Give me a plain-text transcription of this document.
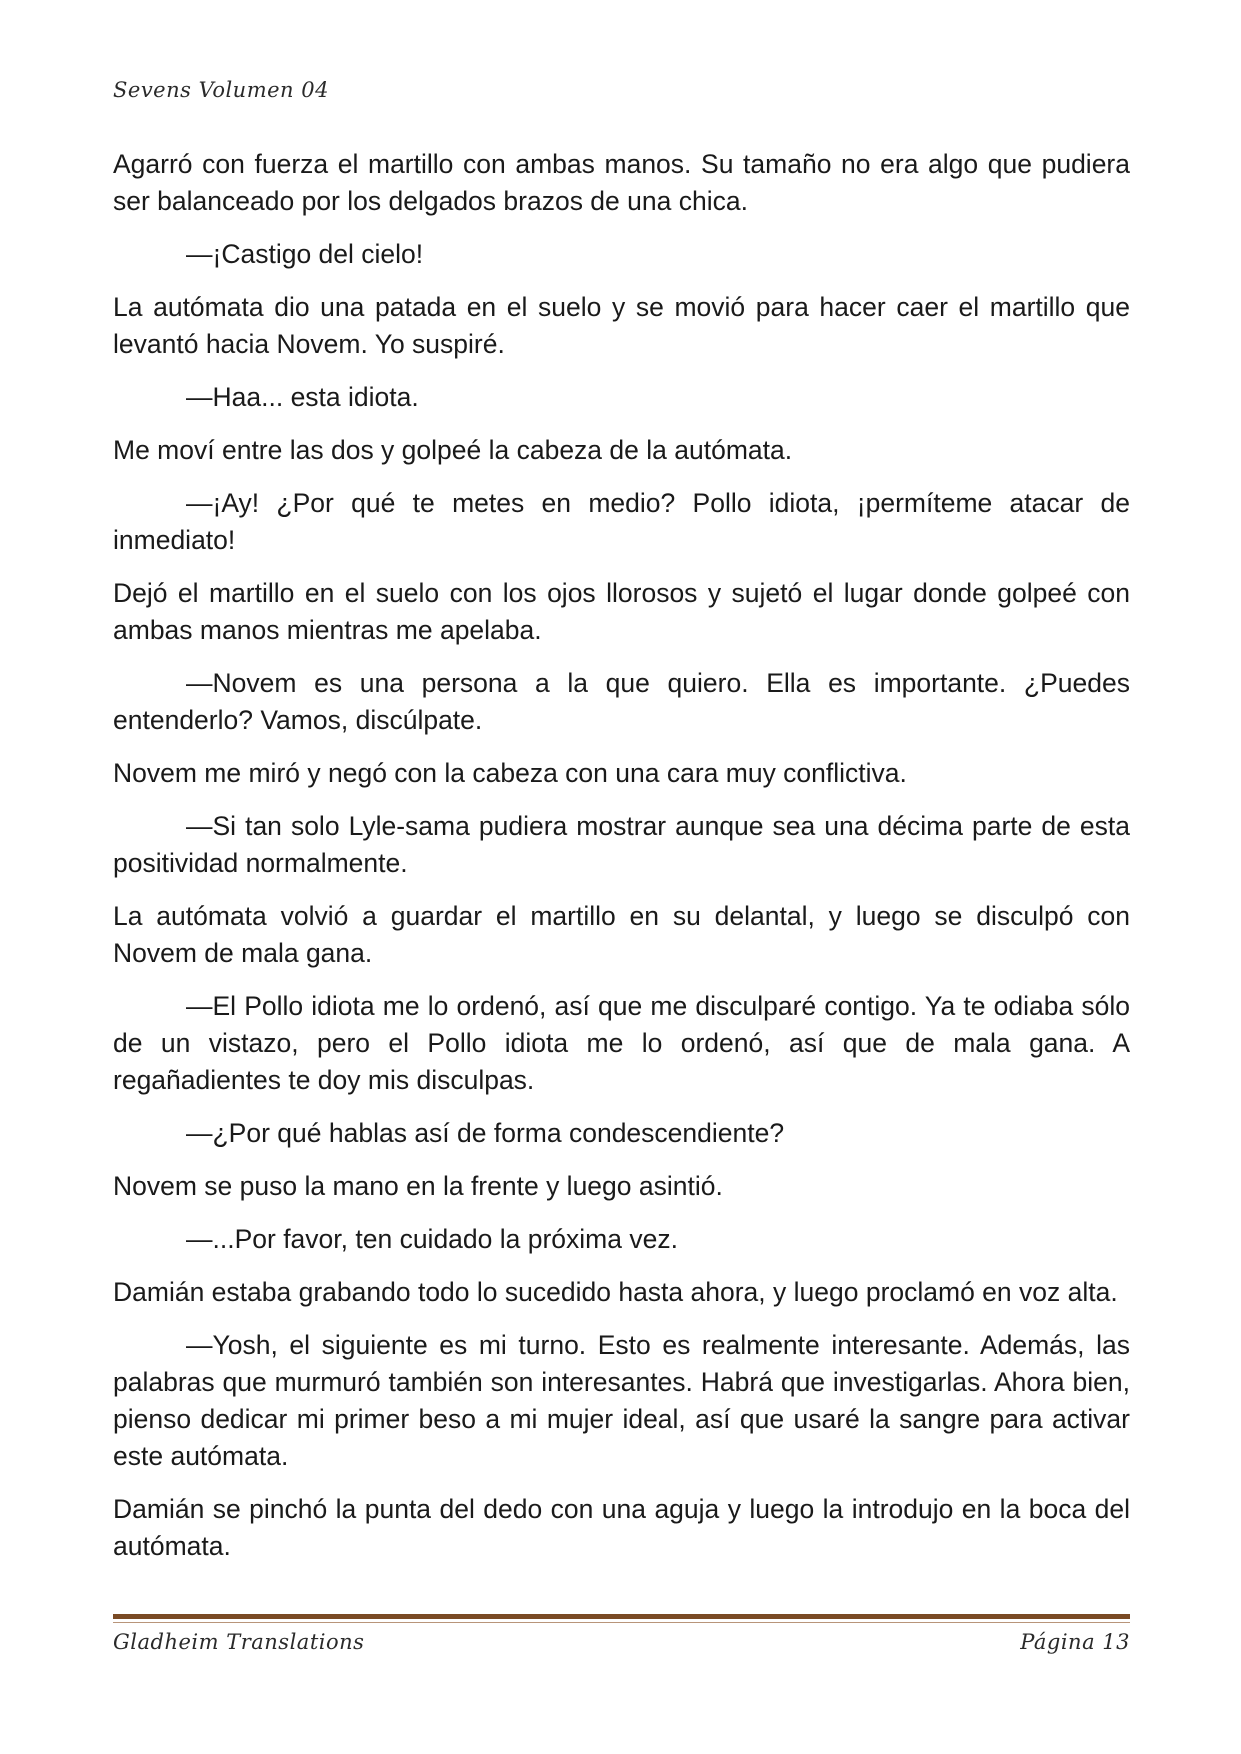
Sevens Volumen 04

Agarró con fuerza el martillo con ambas manos. Su tamaño no era algo que pudiera ser balanceado por los delgados brazos de una chica.

—¡Castigo del cielo!

La autómata dio una patada en el suelo y se movió para hacer caer el martillo que levantó hacia Novem. Yo suspiré.

—Haa... esta idiota.

Me moví entre las dos y golpeé la cabeza de la autómata.

—¡Ay! ¿Por qué te metes en medio? Pollo idiota, ¡permíteme atacar de inmediato!

Dejó el martillo en el suelo con los ojos llorosos y sujetó el lugar donde golpeé con ambas manos mientras me apelaba.

—Novem es una persona a la que quiero. Ella es importante. ¿Puedes entenderlo? Vamos, discúlpate.

Novem me miró y negó con la cabeza con una cara muy conflictiva.

—Si tan solo Lyle-sama pudiera mostrar aunque sea una décima parte de esta positividad normalmente.

La autómata volvió a guardar el martillo en su delantal, y luego se disculpó con Novem de mala gana.

—El Pollo idiota me lo ordenó, así que me disculparé contigo. Ya te odiaba sólo de un vistazo, pero el Pollo idiota me lo ordenó, así que de mala gana. A regañadientes te doy mis disculpas.

—¿Por qué hablas así de forma condescendiente?

Novem se puso la mano en la frente y luego asintió.

—...Por favor, ten cuidado la próxima vez.

Damián estaba grabando todo lo sucedido hasta ahora, y luego proclamó en voz alta.

—Yosh, el siguiente es mi turno. Esto es realmente interesante. Además, las palabras que murmuró también son interesantes. Habrá que investigarlas. Ahora bien, pienso dedicar mi primer beso a mi mujer ideal, así que usaré la sangre para activar este autómata.

Damián se pinchó la punta del dedo con una aguja y luego la introdujo en la boca del autómata.

Gladheim Translations	Página 13
